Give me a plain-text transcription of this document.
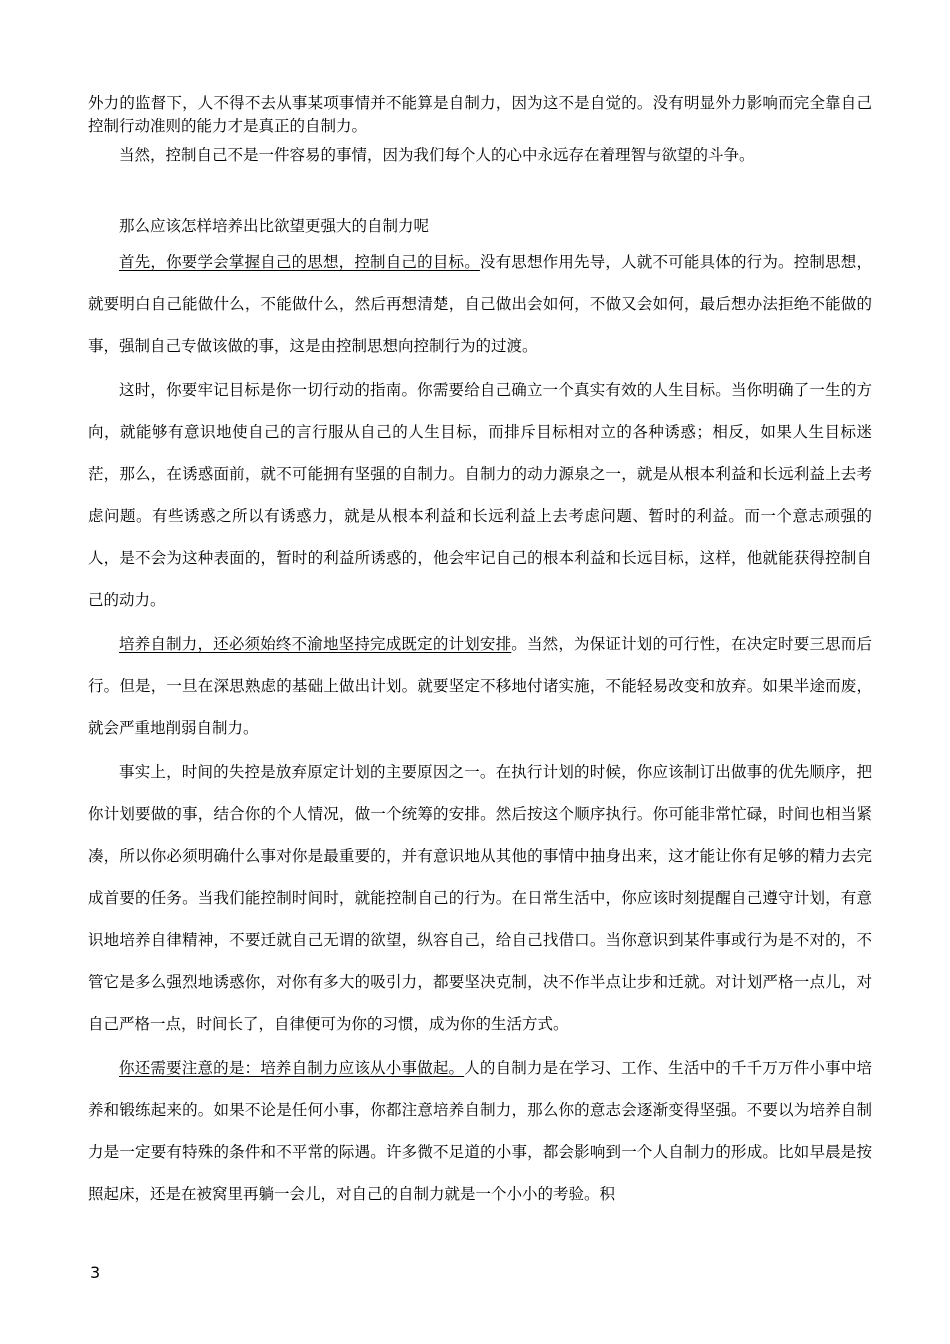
外力的监督下，人不得不去从事某项事情并不能算是自制力，因为这不是自觉的。没有明显外力影响而完全靠自己控制行动准则的能力才是真正的自制力。

当然，控制自己不是一件容易的事情，因为我们每个人的心中永远存在着理智与欲望的斗争。

那么应该怎样培养出比欲望更强大的自制力呢

首先，你要学会掌握自己的思想，控制自己的目标。没有思想作用先导，人就不可能具体的行为。控制思想，就要明白自己能做什么，不能做什么，然后再想清楚，自己做出会如何，不做又会如何，最后想办法拒绝不能做的事，强制自己专做该做的事，这是由控制思想向控制行为的过渡。

这时，你要牢记目标是你一切行动的指南。你需要给自己确立一个真实有效的人生目标。当你明确了一生的方向，就能够有意识地使自己的言行服从自己的人生目标，而排斥目标相对立的各种诱惑；相反，如果人生目标迷茫，那么，在诱惑面前，就不可能拥有坚强的自制力。自制力的动力源泉之一，就是从根本利益和长远利益上去考虑问题。有些诱惑之所以有诱惑力，就是从根本利益和长远利益上去考虑问题、暂时的利益。而一个意志顽强的人，是不会为这种表面的，暂时的利益所诱惑的，他会牢记自己的根本利益和长远目标，这样，他就能获得控制自己的动力。

培养自制力，还必须始终不渝地坚持完成既定的计划安排。当然，为保证计划的可行性，在决定时要三思而后行。但是，一旦在深思熟虑的基础上做出计划。就要坚定不移地付诸实施，不能轻易改变和放弃。如果半途而废，就会严重地削弱自制力。

事实上，时间的失控是放弃原定计划的主要原因之一。在执行计划的时候，你应该制订出做事的优先顺序，把你计划要做的事，结合你的个人情况，做一个统筹的安排。然后按这个顺序执行。你可能非常忙碌，时间也相当紧凑，所以你必须明确什么事对你是最重要的，并有意识地从其他的事情中抽身出来，这才能让你有足够的精力去完成首要的任务。当我们能控制时间时，就能控制自己的行为。在日常生活中，你应该时刻提醒自己遵守计划，有意识地培养自律精神，不要迁就自己无谓的欲望，纵容自己，给自己找借口。当你意识到某件事或行为是不对的，不管它是多么强烈地诱惑你，对你有多大的吸引力，都要坚决克制，决不作半点让步和迁就。对计划严格一点儿，对自己严格一点，时间长了，自律便可为你的习惯，成为你的生活方式。

你还需要注意的是：培养自制力应该从小事做起。人的自制力是在学习、工作、生活中的千千万万件小事中培养和锻练起来的。如果不论是任何小事，你都注意培养自制力，那么你的意志会逐渐变得坚强。不要以为培养自制力是一定要有特殊的条件和不平常的际遇。许多微不足道的小事，都会影响到一个人自制力的形成。比如早晨是按照起床，还是在被窝里再躺一会儿，对自己的自制力就是一个小小的考验。积

3
